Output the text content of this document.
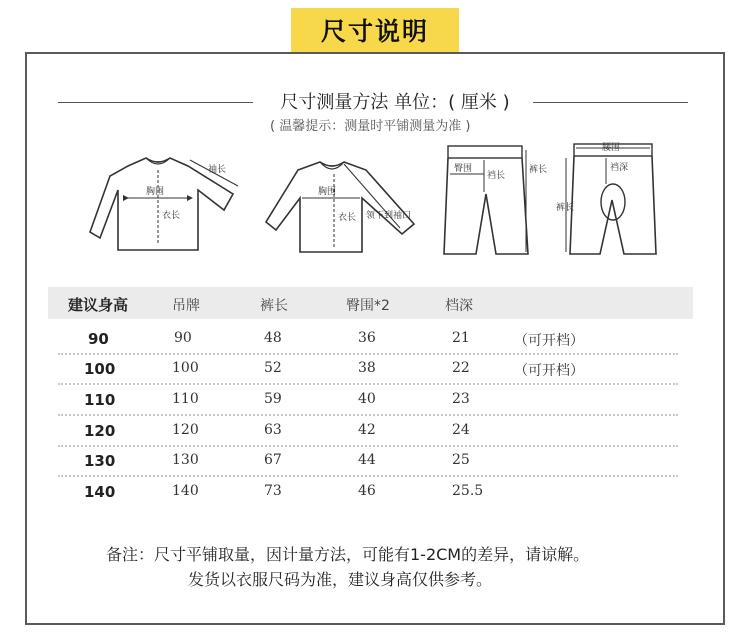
尺寸说明
尺寸测量方法 单位：( 厘米 )
( 温馨提示：测量时平铺测量为准 )
胸围
衣长
袖长
胸围
衣长 领下到袖口
臀围
裆长
裤长
腰围
裆深
裤长
建议身高	吊牌	裤长	臀围*2	档深
90	90	48	36	21	（可开档）
100	100	52	38	22	（可开档）
110	110	59	40	23
120	120	63	42	24
130	130	67	44	25
140	140	73	46	25.5
备注：尺寸平铺取量，因计量方法，可能有1-2CM的差异，请谅解。
发货以衣服尺码为准，建议身高仅供参考。
